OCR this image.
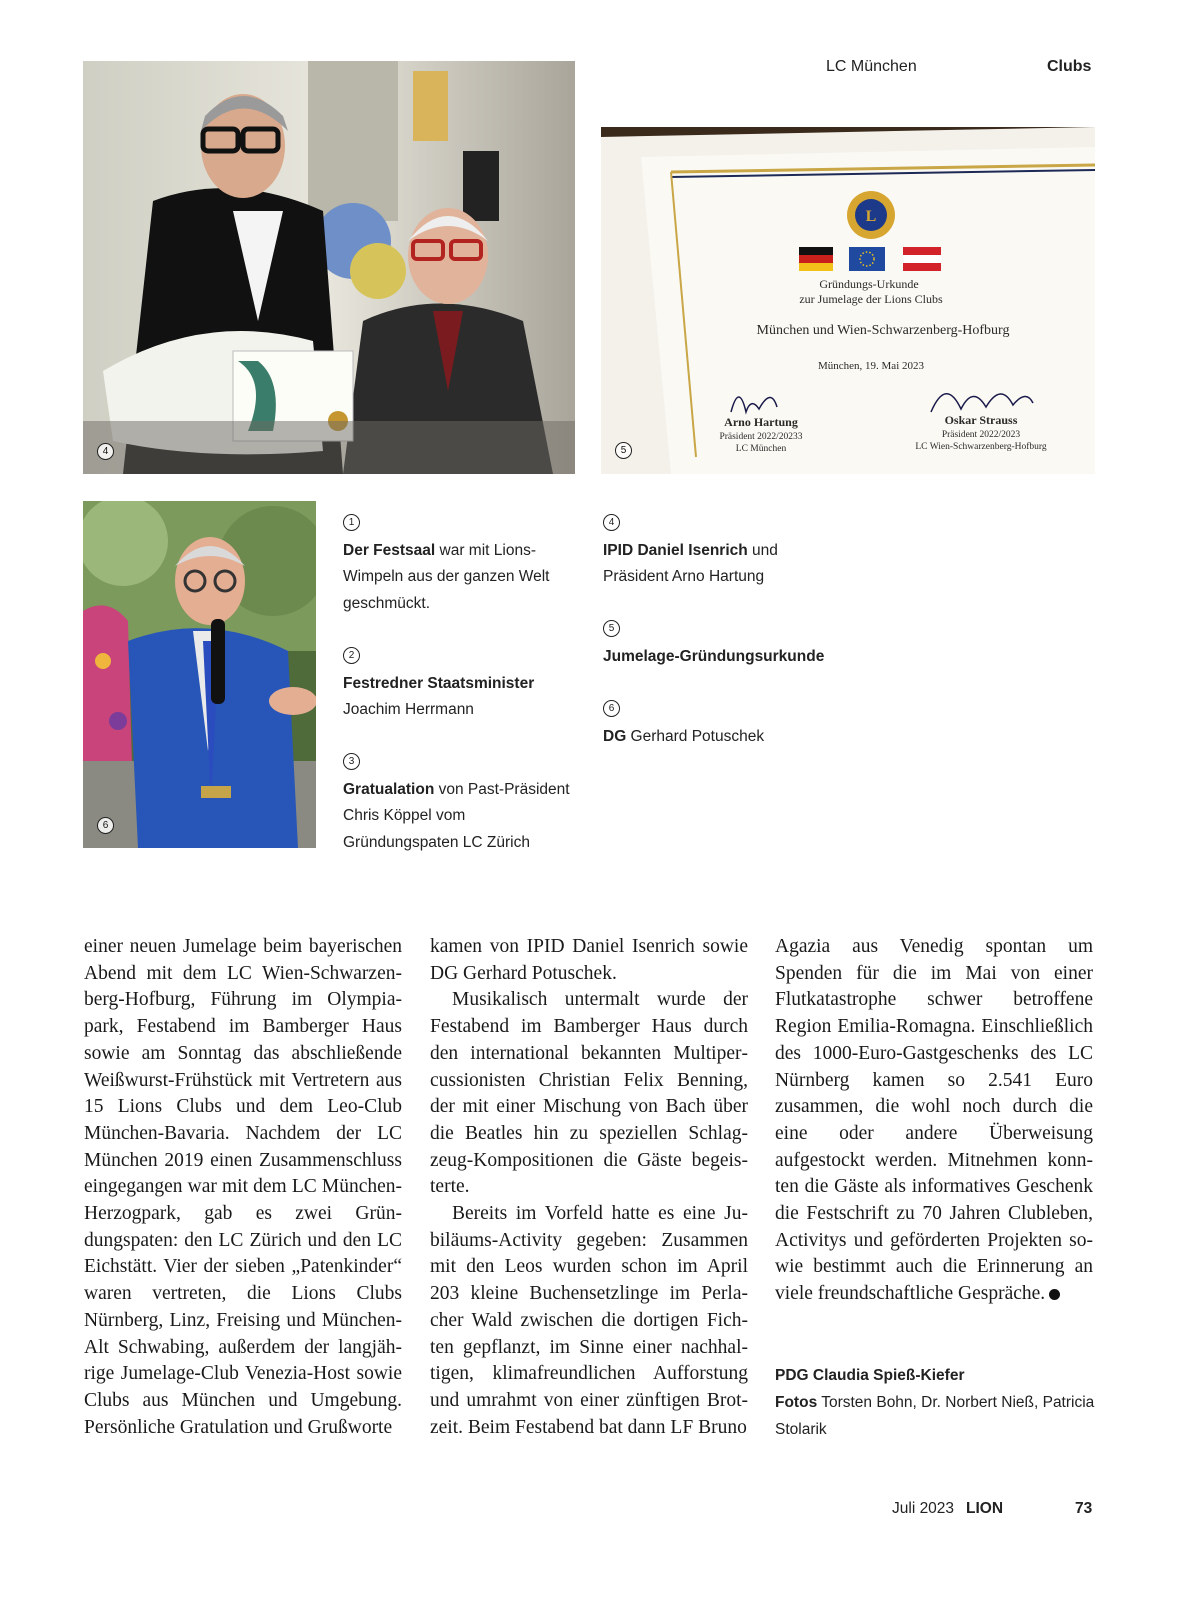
LC München	Clubs
4
L
Gründungs-Urkunde
zur Jumelage der Lions Clubs
München und Wien-Schwarzenberg-Hofburg
München, 19. Mai 2023
Arno Hartung
Präsident 2022/20233
LC München
Oskar Strauss
Präsident 2022/2023
LC Wien-Schwarzenberg-Hofburg
5
6
1
Der Festsaal war mit Lions-Wimpeln aus der ganzen Welt geschmückt.
2
Festredner Staatsminister
Joachim Herrmann
3
Gratualation von Past-Präsident Chris Köppel vom Gründungspaten LC Zürich
4
IPID Daniel Isenrich und Präsident Arno Hartung
5
Jumelage-Gründungsurkunde
6
DG Gerhard Potuschek

einer neuen Jumelage beim bayerischen Abend mit dem LC Wien-Schwarzenberg-Hofburg, Führung im Olympiapark, Festabend im Bamberger Haus sowie am Sonntag das abschließende Weißwurst-Frühstück mit Vertretern aus 15 Lions Clubs und dem Leo-Club München-Bavaria. Nachdem der LC München 2019 einen Zusammenschluss eingegangen war mit dem LC München-Herzogpark, gab es zwei Gründungspaten: den LC Zürich und den LC Eichstätt. Vier der sieben „Patenkinder“ waren vertreten, die Lions Clubs Nürnberg, Linz, Freising und München-Alt Schwabing, außerdem der langjährige Jumelage-Club Venezia-Host sowie Clubs aus München und Umgebung. Persönliche Gratulation und Grußworte

kamen von IPID Daniel Isenrich sowie DG Gerhard Potuschek.

Musikalisch untermalt wurde der Festabend im Bamberger Haus durch den international bekannten Multipercussionisten Christian Felix Benning, der mit einer Mischung von Bach über die Beatles hin zu speziellen Schlagzeug-Kompositionen die Gäste begeisterte.

Bereits im Vorfeld hatte es eine Jubiläums-Activity gegeben: Zusammen mit den Leos wurden schon im April 203 kleine Buchensetzlinge im Perlacher Wald zwischen die dortigen Fichten gepflanzt, im Sinne einer nachhaltigen, klimafreundlichen Aufforstung und umrahmt von einer zünftigen Brotzeit. Beim Festabend bat dann LF Bruno

Agazia aus Venedig spontan um Spenden für die im Mai von einer Flutkatastrophe schwer betroffene Region Emilia-Romagna. Einschließlich des 1000-Euro-Gastgeschenks des LC Nürnberg kamen so 2.541 Euro zusammen, die wohl noch durch die eine oder andere Überweisung aufgestockt werden. Mitnehmen konnten die Gäste als informatives Geschenk die Festschrift zu 70 Jahren Clubleben, Activitys und geförderten Projekten sowie bestimmt auch die Erinnerung an viele freundschaftliche Gespräche.

PDG Claudia Spieß-Kiefer
Fotos Torsten Bohn, Dr. Norbert Nieß, Patricia Stolarik
Juli 2023 LION	73
